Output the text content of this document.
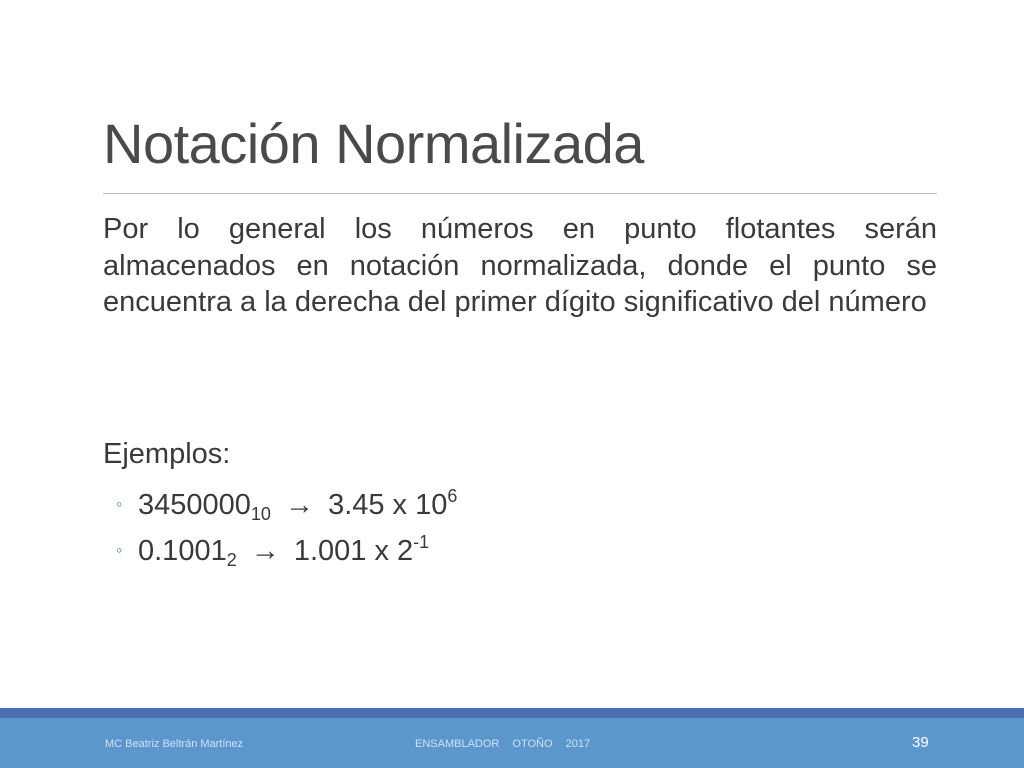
Notación Normalizada
Por lo general los números en punto flotantes serán almacenados en notación normalizada, donde el punto se encuentra a la derecha del primer dígito significativo del número
Ejemplos:
◦ $3450000_{10} \to 3.45$ x $10^6$
◦ $0.1001_2 \to 1.001$ x $2^{-1}$
MC Beatriz Beltrán Martínez	ENSAMBLADOR OTOÑO 2017	39
